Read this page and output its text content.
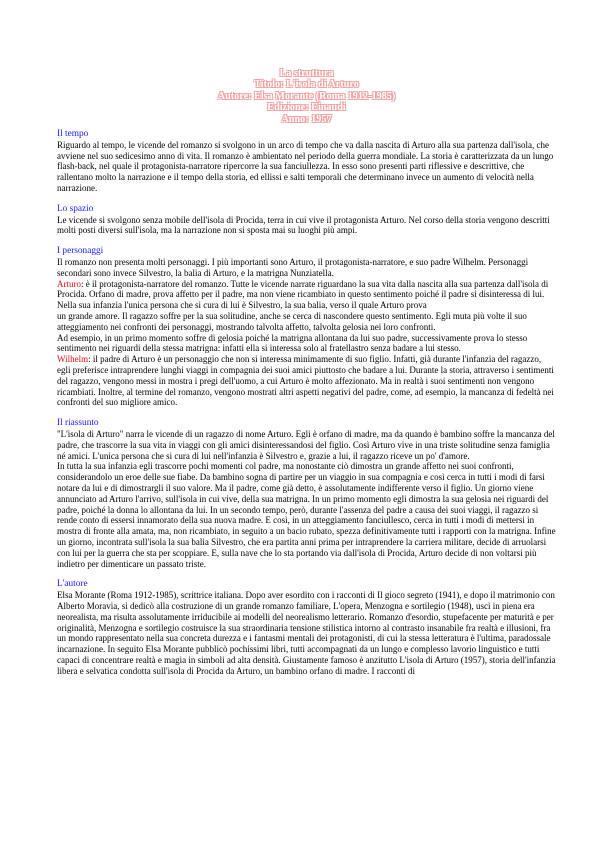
La struttura
Titolo: L'isola di Arturo
Autore: Elsa Morante (Roma 1912-1985)
Edizione: Einaudi
Anno: 1957
Il tempo

Riguardo al tempo, le vicende del romanzo si svolgono in un arco di tempo che va dalla nascita di Arturo alla sua partenza dall'isola, che avviene nel suo sedicesimo anno di vita. Il romanzo è ambientato nel periodo della guerra mondiale. La storia è caratterizzata da un lungo flash-back, nel quale il protagonista-narratore ripercorre la sua fanciullezza. In esso sono presenti parti riflessive e descrittive, che rallentano molto la narrazione e il tempo della storia, ed ellissi e salti temporali che determinano invece un aumento di velocità nella narrazione.

Lo spazio

Le vicende si svolgono senza mobile dell'isola di Procida, terra in cui vive il protagonista Arturo. Nel corso della storia vengono descritti molti posti diversi sull'isola, ma la narrazione non si sposta mai su luoghi più ampi.

I personaggi

Il romanzo non presenta molti personaggi. I più importanti sono Arturo, il protagonista-narratore, e suo padre Wilhelm. Personaggi secondari sono invece Silvestro, la balia di Arturo, e la matrigna Nunziatella.

Arturo: è il protagonista-narratore del romanzo. Tutte le vicende narrate riguardano la sua vita dalla nascita alla sua partenza dall'isola di Procida. Orfano di madre, prova affetto per il padre, ma non viene ricambiato in questo sentimento poiché il padre si disinteressa di lui. Nella sua infanzia l'unica persona che si cura di lui è Silvestro, la sua balia, verso il quale Arturo prova

un grande amore. Il ragazzo soffre per la sua solitudine, anche se cerca di nascondere questo sentimento. Egli muta più volte il suo atteggiamento nei confronti dei personaggi, mostrando talvolta affetto, talvolta gelosia nei loro confronti.

Ad esempio, in un primo momento soffre di gelosia poiché la matrigna allontana da lui suo padre, successivamente prova lo stesso sentimento nei riguardi della stessa matrigna: infatti ella si interessa solo al fratellastro senza badare a lui stesso.

Wilhelm: il padre di Arturo è un personaggio che non si interessa minimamente di suo figlio. Infatti, già durante l'infanzia del ragazzo, egli preferisce intraprendere lunghi viaggi in compagnia dei suoi amici piuttosto che badare a lui. Durante la storia, attraverso i sentimenti del ragazzo, vengono messi in mostra i pregi dell'uomo, a cui Arturo è molto affezionato. Ma in realtà i suoi sentimenti non vengono ricambiati. Inoltre, al termine del romanzo, vengono mostrati altri aspetti negativi del padre, come, ad esempio, la mancanza di fedeltà nei confronti del suo migliore amico.

Il riassunto

"L'isola di Arturo" narra le vicende di un ragazzo di nome Arturo. Egli è orfano di madre, ma da quando è bambino soffre la mancanza del padre, che trascorre la sua vita in viaggi con gli amici disinteressandosi del figlio. Così Arturo vive in una triste solitudine senza famiglia né amici. L'unica persona che si cura di lui nell'infanzia è Silvestro e, grazie a lui, il ragazzo riceve un po' d'amore.

In tutta la sua infanzia egli trascorre pochi momenti col padre, ma nonostante ciò dimostra un grande affetto nei suoi confronti, considerandolo un eroe delle sue fiabe. Da bambino sogna di partire per un viaggio in sua compagnia e così cerca in tutti i modi di farsi notare da lui e di dimostrargli il suo valore. Ma il padre, come già detto, è assolutamente indifferente verso il figlio. Un giorno viene annunciato ad Arturo l'arrivo, sull'isola in cui vive, della sua matrigna. In un primo momento egli dimostra la sua gelosia nei riguardi del padre, poiché la donna lo allontana da lui. In un secondo tempo, però, durante l'assenza del padre a causa dei suoi viaggi, il ragazzo si rende conto di essersi innamorato della sua nuova madre. E così, in un atteggiamento fanciullesco, cerca in tutti i modi di mettersi in mostra di fronte alla amata, ma, non ricambiato, in seguito a un bacio rubato, spezza definitivamente tutti i rapporti con la matrigna. Infine un giorno, incontrata sull'isola la sua balia Silvestro, che era partita anni prima per intraprendere la carriera militare, decide di arruolarsi con lui per la guerra che sta per scoppiare. E, sulla nave che lo sta portando via dall'isola di Procida, Arturo decide di non voltarsi più indietro per dimenticare un passato triste.

L'autore

Elsa Morante (Roma 1912-1985), scrittrice italiana. Dopo aver esordito con i racconti di Il gioco segreto (1941), e dopo il matrimonio con Alberto Moravia, si dedicò alla costruzione di un grande romanzo familiare, L'opera, Menzogna e sortilegio (1948), uscì in piena era neorealista, ma risulta assolutamente irriducibile ai modelli del neorealismo letterario. Romanzo d'esordio, stupefacente per maturità e per originalità, Menzogna e sortilegio costruisce la sua straordinaria tensione stilistica intorno al contrasto insanabile fra realtà e illusioni, fra un mondo rappresentato nella sua concreta durezza e i fantasmi mentali dei protagonisti, di cui la stessa letteratura è l'ultima, paradossale incarnazione. In seguito Elsa Morante pubblicò pochissimi libri, tutti accompagnati da un lungo e complesso lavorio linguistico e tutti capaci di concentrare realtà e magia in simboli ad alta densità. Giustamente famoso è anzitutto L'isola di Arturo (1957), storia dell'infanzia libera e selvatica condotta sull'isola di Procida da Arturo, un bambino orfano di madre. I racconti di
